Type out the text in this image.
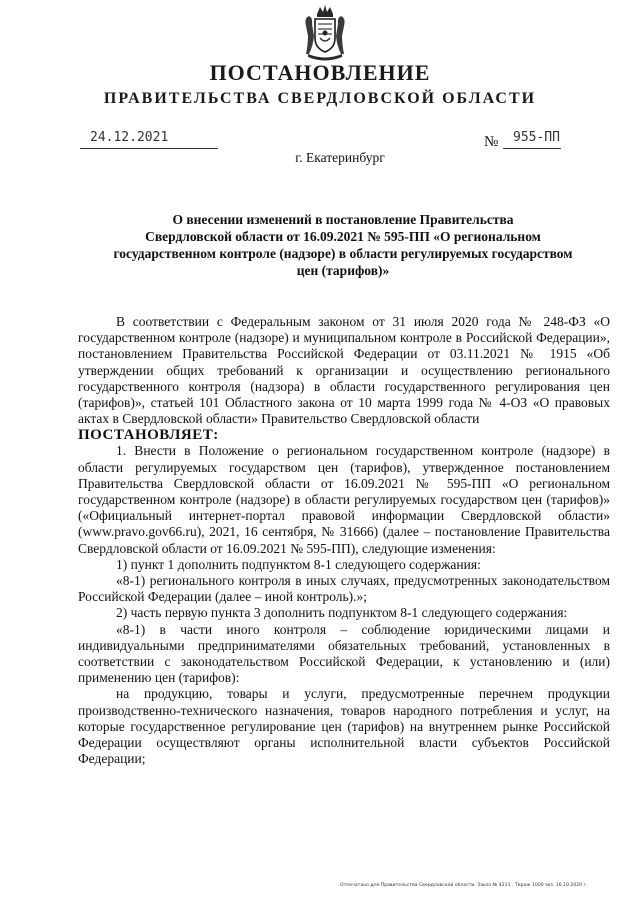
ПОСТАНОВЛЕНИЕ
ПРАВИТЕЛЬСТВА СВЕРДЛОВСКОЙ ОБЛАСТИ
24.12.2021	№	955-ПП
г. Екатеринбург
О внесении изменений в постановление Правительства
Свердловской области от 16.09.2021 № 595-ПП «О региональном
государственном контроле (надзоре) в области регулируемых государством
цен (тарифов)»

В соответствии с Федеральным законом от 31 июля 2020 года № 248-ФЗ «О государственном контроле (надзоре) и муниципальном контроле в Российской Федерации», постановлением Правительства Российской Федерации от 03.11.2021 № 1915 «Об утверждении общих требований к организации и осуществлению регионального государственного контроля (надзора) в области государственного регулирования цен (тарифов)», статьей 101 Областного закона от 10 марта 1999 года № 4-ОЗ «О правовых актах в Свердловской области» Правительство Свердловской области

ПОСТАНОВЛЯЕТ:

1. Внести в Положение о региональном государственном контроле (надзоре) в области регулируемых государством цен (тарифов), утвержденное постановлением Правительства Свердловской области от 16.09.2021 № 595-ПП «О региональном государственном контроле (надзоре) в области регулируемых государством цен (тарифов)» («Официальный интернет-портал правовой информации Свердловской области» (www.pravo.gov66.ru), 2021, 16 сентября, № 31666) (далее – постановление Правительства Свердловской области от 16.09.2021 № 595-ПП), следующие изменения:

1) пункт 1 дополнить подпунктом 8-1 следующего содержания:

«8-1) регионального контроля в иных случаях, предусмотренных законодательством Российской Федерации (далее – иной контроль).»;

2) часть первую пункта 3 дополнить подпунктом 8-1 следующего содержания:

«8-1) в части иного контроля – соблюдение юридическими лицами и индивидуальными предпринимателями обязательных требований, установленных в соответствии с законодательством Российской Федерации, к установлению и (или) применению цен (тарифов):

на продукцию, товары и услуги, предусмотренные перечнем продукции производственно-технического назначения, товаров народного потребления и услуг, на которые государственное регулирование цен (тарифов) на внутреннем рынке Российской Федерации осуществляют органы исполнительной власти субъектов Российской Федерации;

Отпечатано для Правительства Свердловской области. Заказ № 4211 . Тираж 1000 экз. 16.10.2020 г.
